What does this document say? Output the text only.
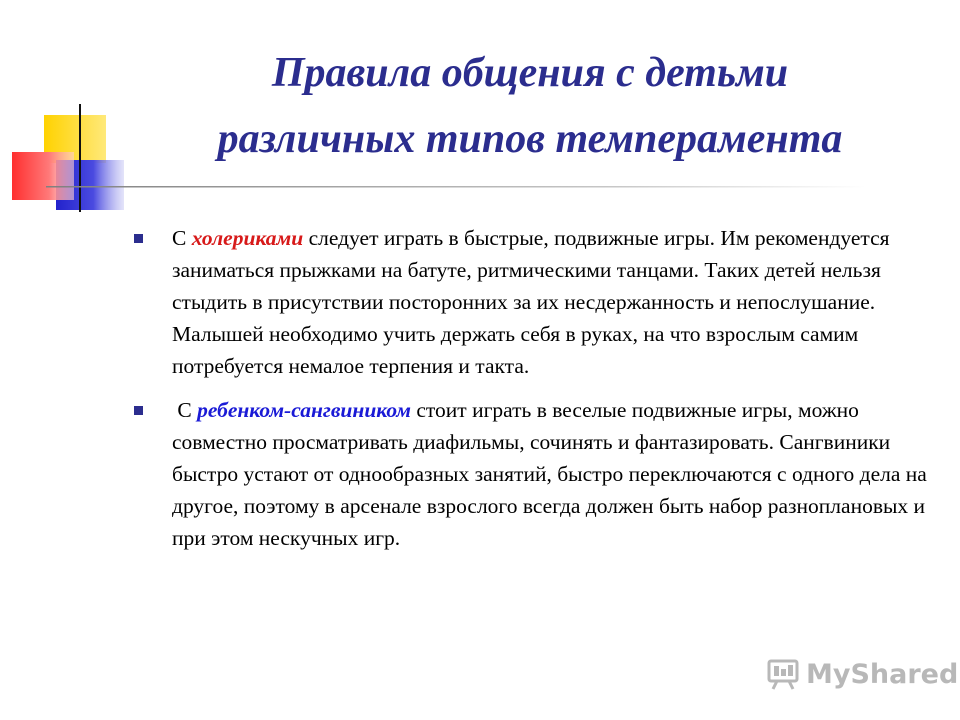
Правила общения с детьми
различных типов темперамента
С холериками следует играть в быстрые, подвижные игры. Им рекомендуется заниматься прыжками на батуте, ритмическими танцами. Таких детей нельзя стыдить в присутствии посторонних за их несдержанность и непослушание. Малышей необходимо учить держать себя в руках, на что взрослым самим потребуется немалое терпения и такта.
С ребенком-сангвиником стоит играть в веселые подвижные игры, можно совместно просматривать диафильмы, сочинять и фантазировать. Сангвиники быстро устают от однообразных занятий, быстро переключаются с одного дела на другое, поэтому в арсенале взрослого всегда должен быть набор разноплановых и при этом нескучных игр.
MyShared
